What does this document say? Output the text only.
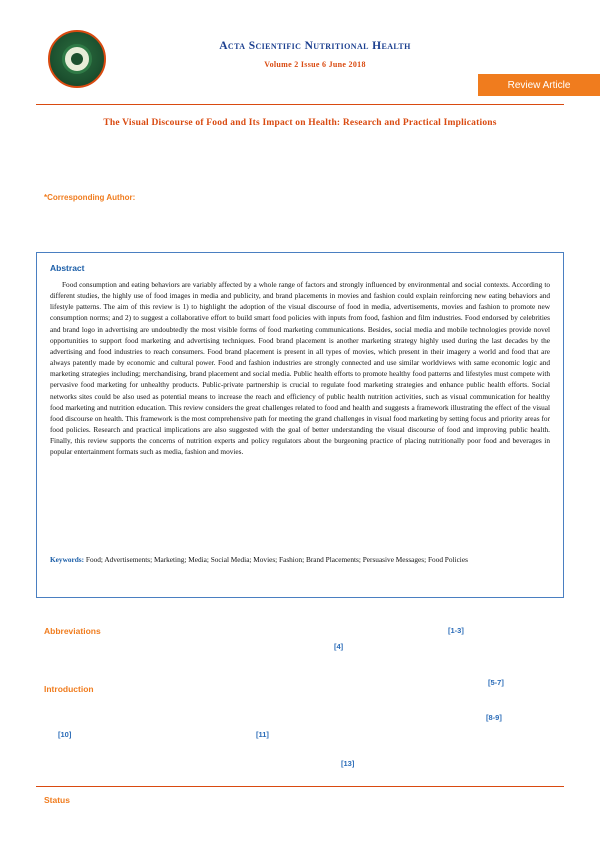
Acta Scientific Nutritional Health
Volume 2 Issue 6 June 2018
Review Article
The Visual Discourse of Food and Its Impact on Health: Research and Practical Implications
*Corresponding Author:
Abstract

Food consumption and eating behaviors are variably affected by a whole range of factors and strongly influenced by environmental and social contexts. According to different studies, the highly use of food images in media and publicity, and brand placements in movies and fashion could explain reinforcing new eating behaviors and lifestyle patterns. The aim of this review is 1) to highlight the adoption of the visual discourse of food in media, advertisements, movies and fashion to promote new consumption norms; and 2) to suggest a collaborative effort to build smart food policies with inputs from food, fashion and film industries. Food endorsed by celebrities and brand logo in advertising are undoubtedly the most visible forms of food marketing communications. Besides, social media and mobile technologies provide novel opportunities to support food marketing and advertising techniques. Food brand placement is another marketing strategy highly used during the last decades by the advertising and food industries to reach consumers. Food brand placement is present in all types of movies, which present in their imagery a world and food that are always patently made by economic and cultural power. Food and fashion industries are strongly connected and use similar worldviews with same economic logic and marketing strategies including; merchandising, brand placement and social media. Public health efforts to promote healthy food patterns and lifestyles must compete with pervasive food marketing for unhealthy products. Public-private partnership is crucial to regulate food marketing strategies and enhance public health efforts. Social networks sites could be also used as potential means to increase the reach and efficiency of public health nutrition activities, such as visual communication for healthy food marketing and nutrition education. This review considers the great challenges related to food and health and suggests a framework illustrating the effect of the visual food discourse on health. This framework is the most comprehensive path for meeting the grand challenges in visual food marketing by setting focus and priority areas for food policies. Research and practical implications are also suggested with the goal of better understanding the visual discourse of food and improving public health. Finally, this review supports the concerns of nutrition experts and policy regulators about the burgeoning practice of placing nutritionally poor food and beverages in popular entertainment formats such as media, fashion and movies.

Keywords: Food; Advertisements; Marketing; Media; Social Media; Movies; Fashion; Brand Placements; Persuasive Messages; Food Policies
Abbreviations
Introduction
Status
[1-3]
[4]
[5-7]
[8-9]
[10]	[11]
[13]
